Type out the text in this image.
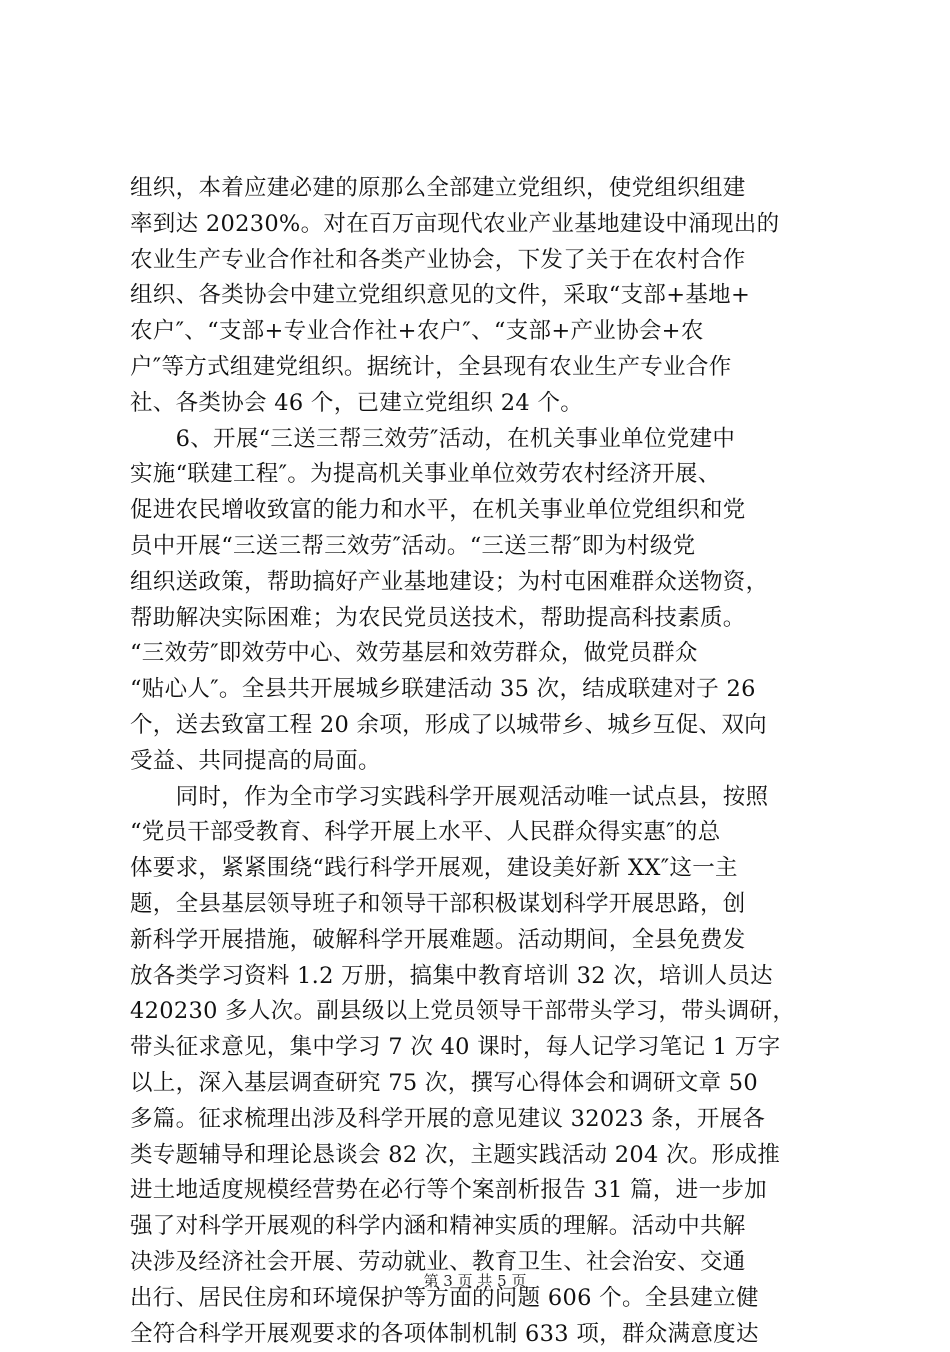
组织，本着应建必建的原那么全部建立党组织，使党组织组建
率到达 20230%。对在百万亩现代农业产业基地建设中涌现出的
农业生产专业合作社和各类产业协会，下发了关于在农村合作
组织、各类协会中建立党组织意见的文件，采取“支部+基地+
农户″、“支部+专业合作社+农户″、“支部+产业协会+农
户″等方式组建党组织。据统计，全县现有农业生产专业合作
社、各类协会 46 个，已建立党组织 24 个。
　　6、开展“三送三帮三效劳″活动，在机关事业单位党建中
实施“联建工程″。为提高机关事业单位效劳农村经济开展、
促进农民增收致富的能力和水平，在机关事业单位党组织和党
员中开展“三送三帮三效劳″活动。“三送三帮″即为村级党
组织送政策，帮助搞好产业基地建设；为村屯困难群众送物资，
帮助解决实际困难；为农民党员送技术，帮助提高科技素质。
“三效劳″即效劳中心、效劳基层和效劳群众，做党员群众
“贴心人″。全县共开展城乡联建活动 35 次，结成联建对子 26
个，送去致富工程 20 余项，形成了以城带乡、城乡互促、双向
受益、共同提高的局面。
　　同时，作为全市学习实践科学开展观活动唯一试点县，按照
“党员干部受教育、科学开展上水平、人民群众得实惠″的总
体要求，紧紧围绕“践行科学开展观，建设美好新 XX″这一主
题，全县基层领导班子和领导干部积极谋划科学开展思路，创
新科学开展措施，破解科学开展难题。活动期间，全县免费发
放各类学习资料 1.2 万册，搞集中教育培训 32 次，培训人员达
420230 多人次。副县级以上党员领导干部带头学习，带头调研，
带头征求意见，集中学习 7 次 40 课时，每人记学习笔记 1 万字
以上，深入基层调查研究 75 次，撰写心得体会和调研文章 50
多篇。征求梳理出涉及科学开展的意见建议 32023 条，开展各
类专题辅导和理论恳谈会 82 次，主题实践活动 204 次。形成推
进土地适度规模经营势在必行等个案剖析报告 31 篇，进一步加
强了对科学开展观的科学内涵和精神实质的理解。活动中共解
决涉及经济社会开展、劳动就业、教育卫生、社会治安、交通
出行、居民住房和环境保护等方面的问题 606 个。全县建立健
全符合科学开展观要求的各项体制机制 633 项，群众满意度达
第 3 页 共 5 页
